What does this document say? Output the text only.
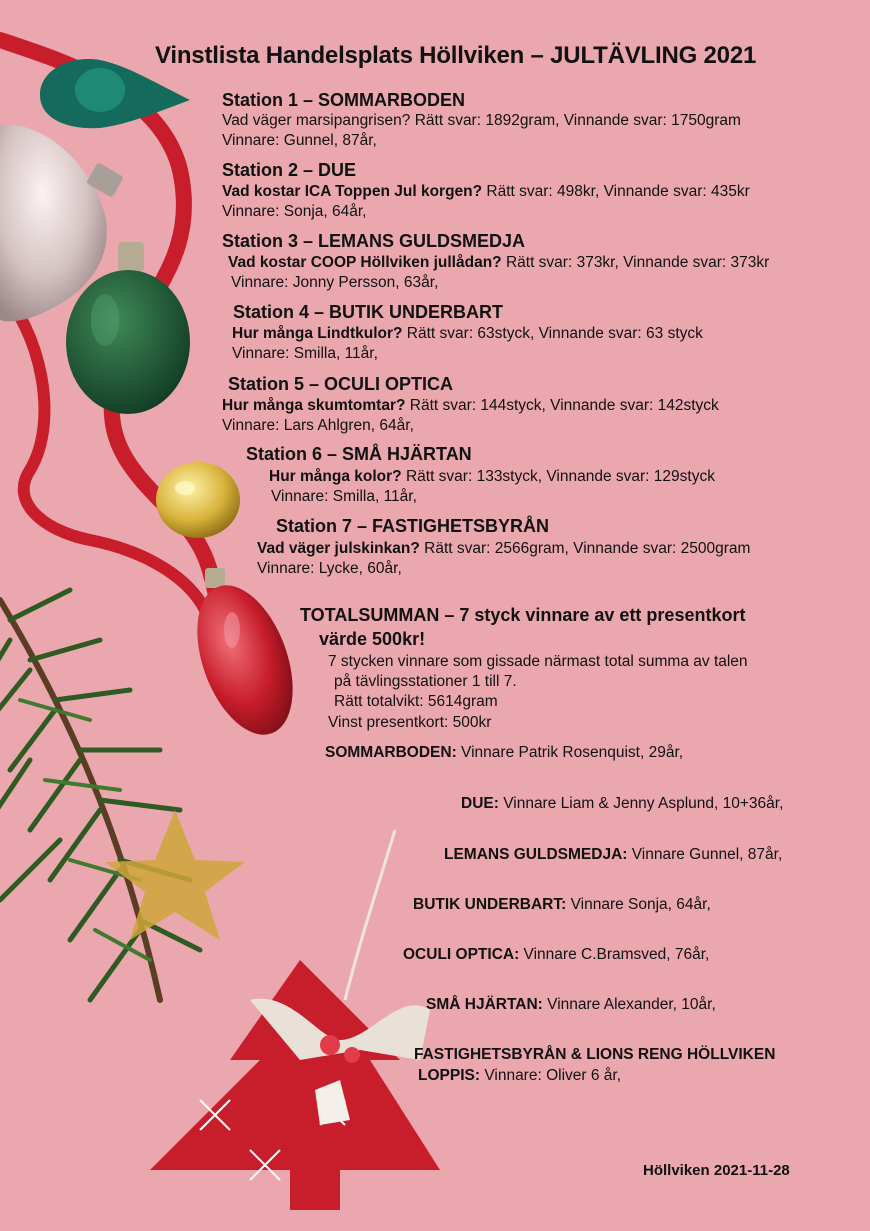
Vinstlista Handelsplats Höllviken – JULTÄVLING 2021
Station 1 – SOMMARBODEN
Vad väger marsipangrisen? Rätt svar: 1892gram, Vinnande svar: 1750gram
Vinnare: Gunnel, 87år,
Station 2 – DUE
Vad kostar ICA Toppen Jul korgen? Rätt svar: 498kr, Vinnande svar: 435kr
Vinnare: Sonja, 64år,
Station 3 – LEMANS GULDSMEDJA
Vad kostar COOP Höllviken jullådan? Rätt svar: 373kr, Vinnande svar: 373kr
Vinnare: Jonny Persson, 63år,
Station 4 – BUTIK UNDERBART
Hur många Lindtkulor? Rätt svar: 63styck, Vinnande svar: 63 styck
Vinnare: Smilla, 11år,
Station 5 – OCULI OPTICA
Hur många skumtomtar? Rätt svar: 144styck, Vinnande svar: 142styck
Vinnare: Lars Ahlgren, 64år,
Station 6 – SMÅ HJÄRTAN
Hur många kolor? Rätt svar: 133styck, Vinnande svar: 129styck
Vinnare: Smilla, 11år,
Station 7 – FASTIGHETSBYRÅN
Vad väger julskinkan? Rätt svar: 2566gram, Vinnande svar: 2500gram
Vinnare: Lycke, 60år,
TOTALSUMMAN – 7 styck vinnare av ett presentkort
värde 500kr!
7 stycken vinnare som gissade närmast total summa av talen
på tävlingsstationer 1 till 7.
Rätt totalvikt: 5614gram
Vinst presentkort: 500kr
SOMMARBODEN: Vinnare Patrik Rosenquist, 29år,
DUE: Vinnare Liam & Jenny Asplund, 10+36år,
LEMANS GULDSMEDJA: Vinnare Gunnel, 87år,
BUTIK UNDERBART: Vinnare Sonja, 64år,
OCULI OPTICA: Vinnare C.Bramsved, 76år,
SMÅ HJÄRTAN: Vinnare Alexander, 10år,
FASTIGHETSBYRÅN & LIONS RENG HÖLLVIKEN
LOPPIS: Vinnare: Oliver 6 år,
Höllviken 2021-11-28
